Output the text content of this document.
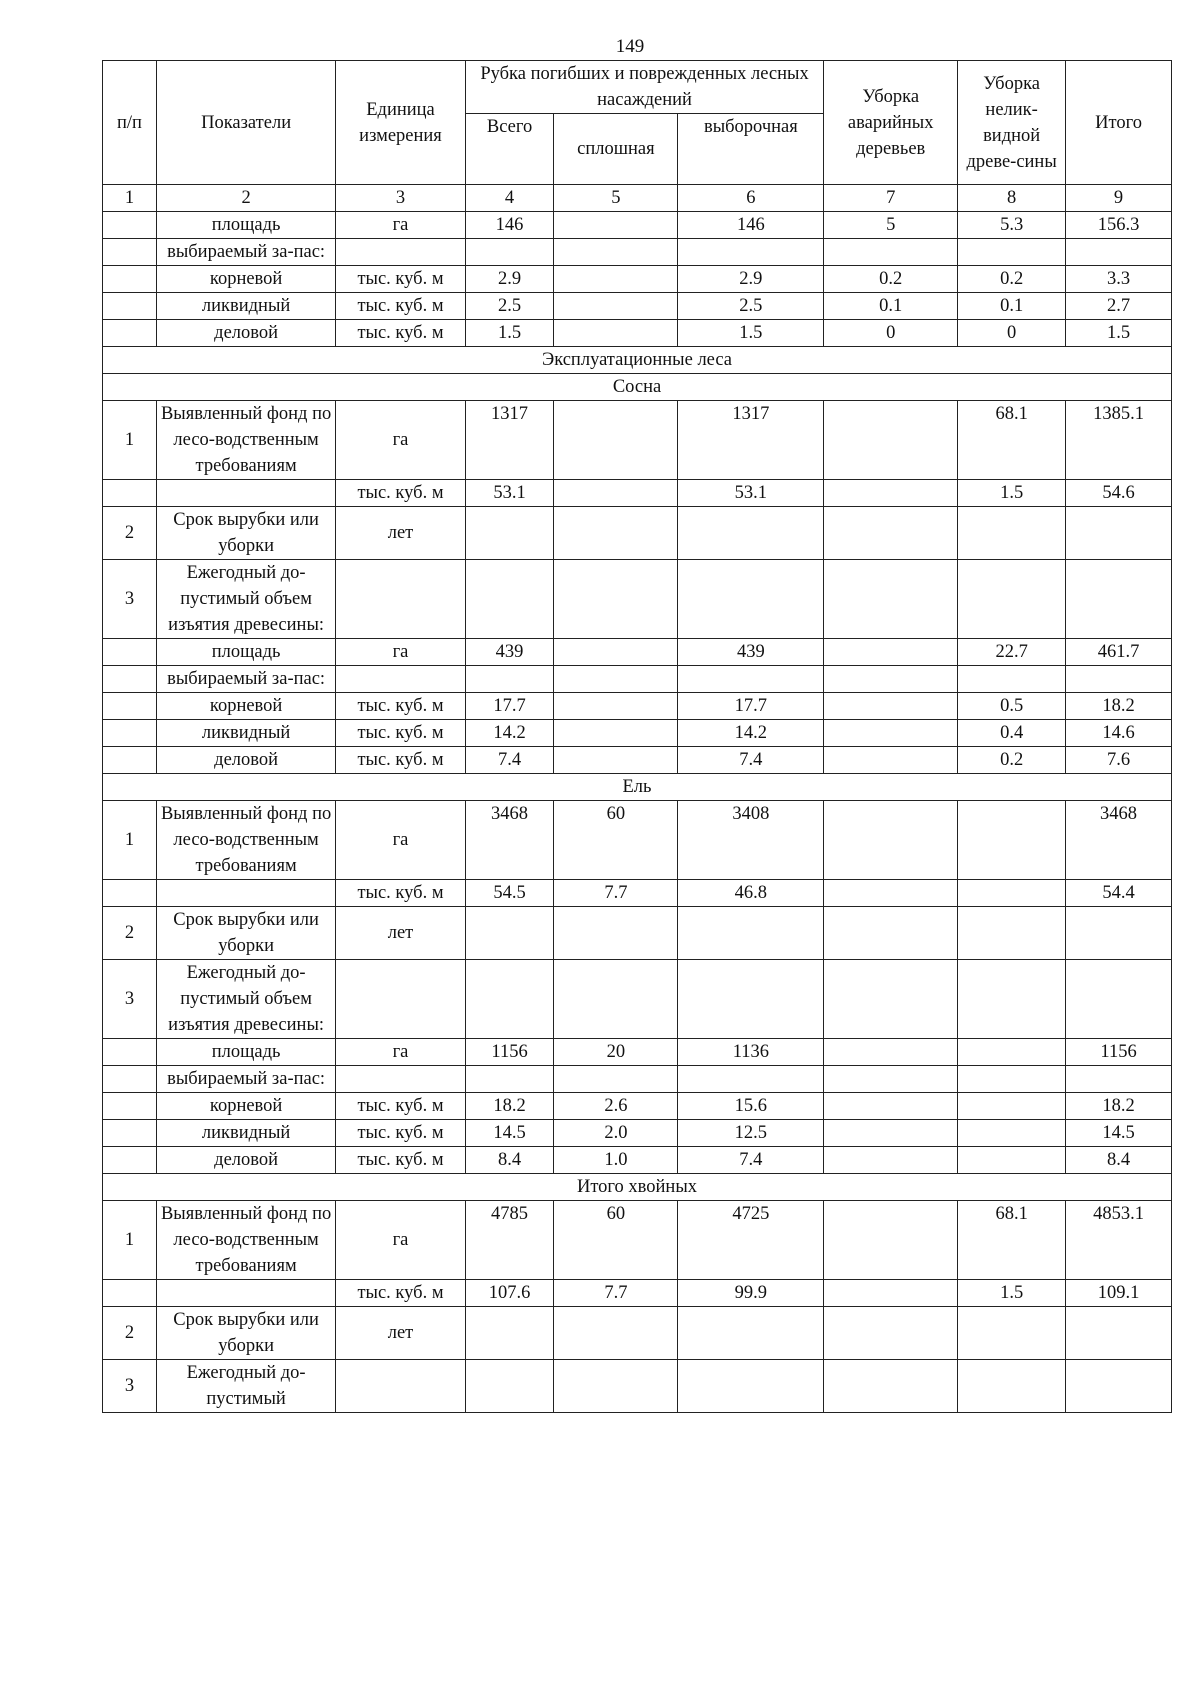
149
п/п	Показатели	Единица измерения	Рубка погибших и поврежденных лесных насаждений			Уборка аварийных деревьев	Уборка нелик-видной древе-сины	Итого
			Всего		выборочная			
				сплошная				
1	2	3	4	5	6	7	8	9
	площадь	га	146		146	5	5.3	156.3
	выбираемый за-пас:							
	корневой	тыс. куб. м	2.9		2.9	0.2	0.2	3.3
	ликвидный	тыс. куб. м	2.5		2.5	0.1	0.1	2.7
	деловой	тыс. куб. м	1.5		1.5	0	0	1.5
Эксплуатационные леса								
Сосна								
1	Выявленный фонд по лесо-водственным требованиям	га	1317		1317		68.1	1385.1
		тыс. куб. м	53.1		53.1		1.5	54.6
2	Срок вырубки или уборки	лет						
3	Ежегодный до-пустимый объем изъятия древесины:							
	площадь	га	439		439		22.7	461.7
	выбираемый за-пас:							
	корневой	тыс. куб. м	17.7		17.7		0.5	18.2
	ликвидный	тыс. куб. м	14.2		14.2		0.4	14.6
	деловой	тыс. куб. м	7.4		7.4		0.2	7.6
Ель								
1	Выявленный фонд по лесо-водственным требованиям	га	3468	60	3408			3468
		тыс. куб. м	54.5	7.7	46.8			54.4
2	Срок вырубки или уборки	лет						
3	Ежегодный до-пустимый объем изъятия древесины:							
	площадь	га	1156	20	1136			1156
	выбираемый за-пас:							
	корневой	тыс. куб. м	18.2	2.6	15.6			18.2
	ликвидный	тыс. куб. м	14.5	2.0	12.5			14.5
	деловой	тыс. куб. м	8.4	1.0	7.4			8.4
Итого хвойных								
1	Выявленный фонд по лесо-водственным требованиям	га	4785	60	4725		68.1	4853.1
		тыс. куб. м	107.6	7.7	99.9		1.5	109.1
2	Срок вырубки или уборки	лет						
3	Ежегодный до-пустимый							
